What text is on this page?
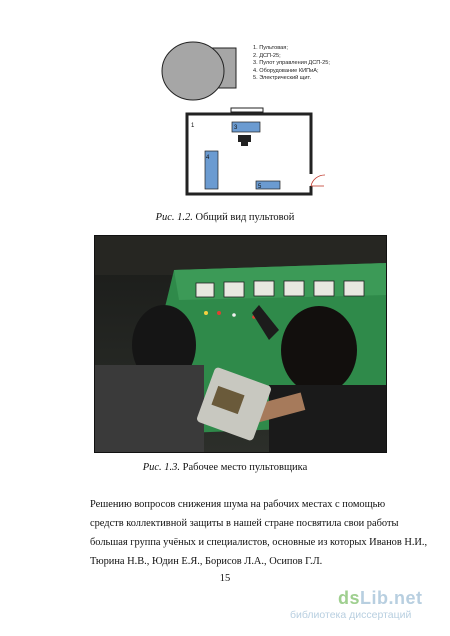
1	3
4
5
1. Пультовая;
2. ДСП-25;
3. Пулот управления ДСП-25;
4. Оборудование КИПиА;
5. Электрический щит.
Рис. 1.2. Общий вид пультовой
Рис. 1.3. Рабочее место пультовщика
Решению вопросов снижения шума на рабочих местах с помощью
средств коллективной защиты в нашей стране посвятила свои работы
большая группа учёных и специалистов, основные из которых Иванов Н.И.,
Тюрина Н.В., Юдин Е.Я., Борисов Л.А., Осипов Г.Л.
15
dsLib.net
библиотека диссертаций
